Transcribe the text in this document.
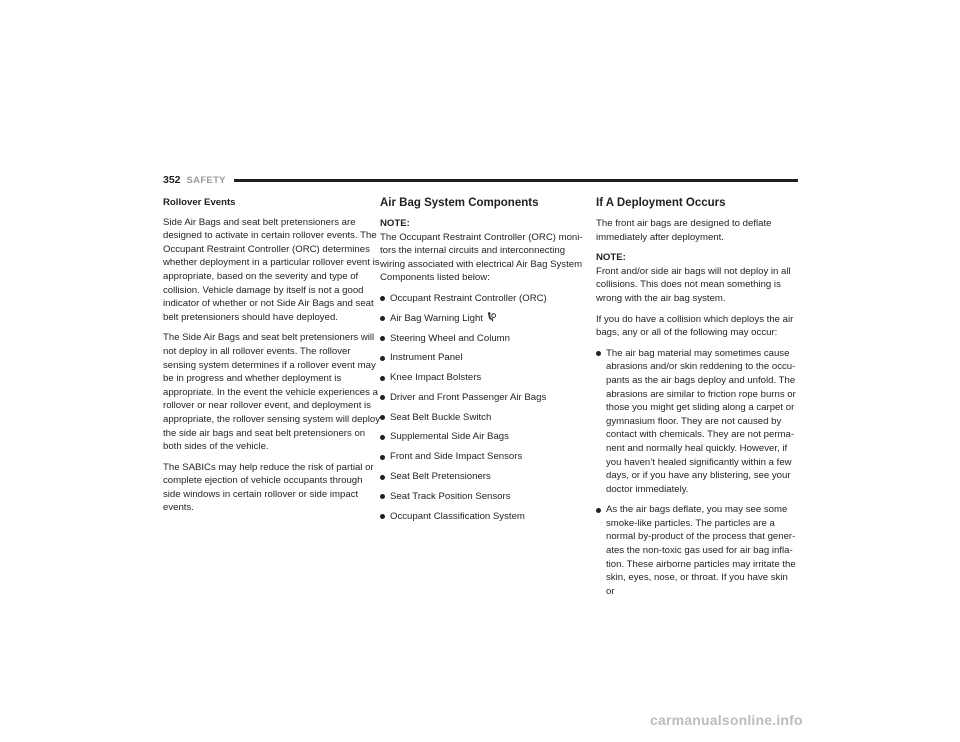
352 SAFETY

Rollover Events

Side Air Bags and seat belt pretensioners are designed to activate in certain rollover events. The Occupant Restraint Controller (ORC) determines whether deployment in a particular rollover event is appropriate, based on the severity and type of collision. Vehicle damage by itself is not a good indicator of whether or not Side Air Bags and seat belt pretensioners should have deployed.

The Side Air Bags and seat belt pretensioners will not deploy in all rollover events. The rollover sensing system determines if a rollover event may be in progress and whether deployment is appropriate. In the event the vehicle experiences a rollover or near rollover event, and deployment is appropriate, the rollover sensing system will deploy the side air bags and seat belt pretensioners on both sides of the vehicle.

The SABICs may help reduce the risk of partial or complete ejection of vehicle occupants through side windows in certain rollover or side impact events.

Air Bag System Components

NOTE:
The Occupant Restraint Controller (ORC) moni-tors the internal circuits and interconnecting wiring associated with electrical Air Bag System Components listed below:

Occupant Restraint Controller (ORC)
Air Bag Warning Light
Steering Wheel and Column
Instrument Panel
Knee Impact Bolsters
Driver and Front Passenger Air Bags
Seat Belt Buckle Switch
Supplemental Side Air Bags
Front and Side Impact Sensors
Seat Belt Pretensioners
Seat Track Position Sensors
Occupant Classification System
If A Deployment Occurs

The front air bags are designed to deflate immediately after deployment.

NOTE:
Front and/or side air bags will not deploy in all collisions. This does not mean something is wrong with the air bag system.

If you do have a collision which deploys the air bags, any or all of the following may occur:

The air bag material may sometimes cause abrasions and/or skin reddening to the occu-pants as the air bags deploy and unfold. The abrasions are similar to friction rope burns or those you might get sliding along a carpet or gymnasium floor. They are not caused by contact with chemicals. They are not perma-nent and normally heal quickly. However, if you haven’t healed significantly within a few days, or if you have any blistering, see your doctor immediately.
As the air bags deflate, you may see some smoke-like particles. The particles are a normal by-product of the process that gener-ates the non-toxic gas used for air bag infla-tion. These airborne particles may irritate the skin, eyes, nose, or throat. If you have skin or
carmanualsonline.info
